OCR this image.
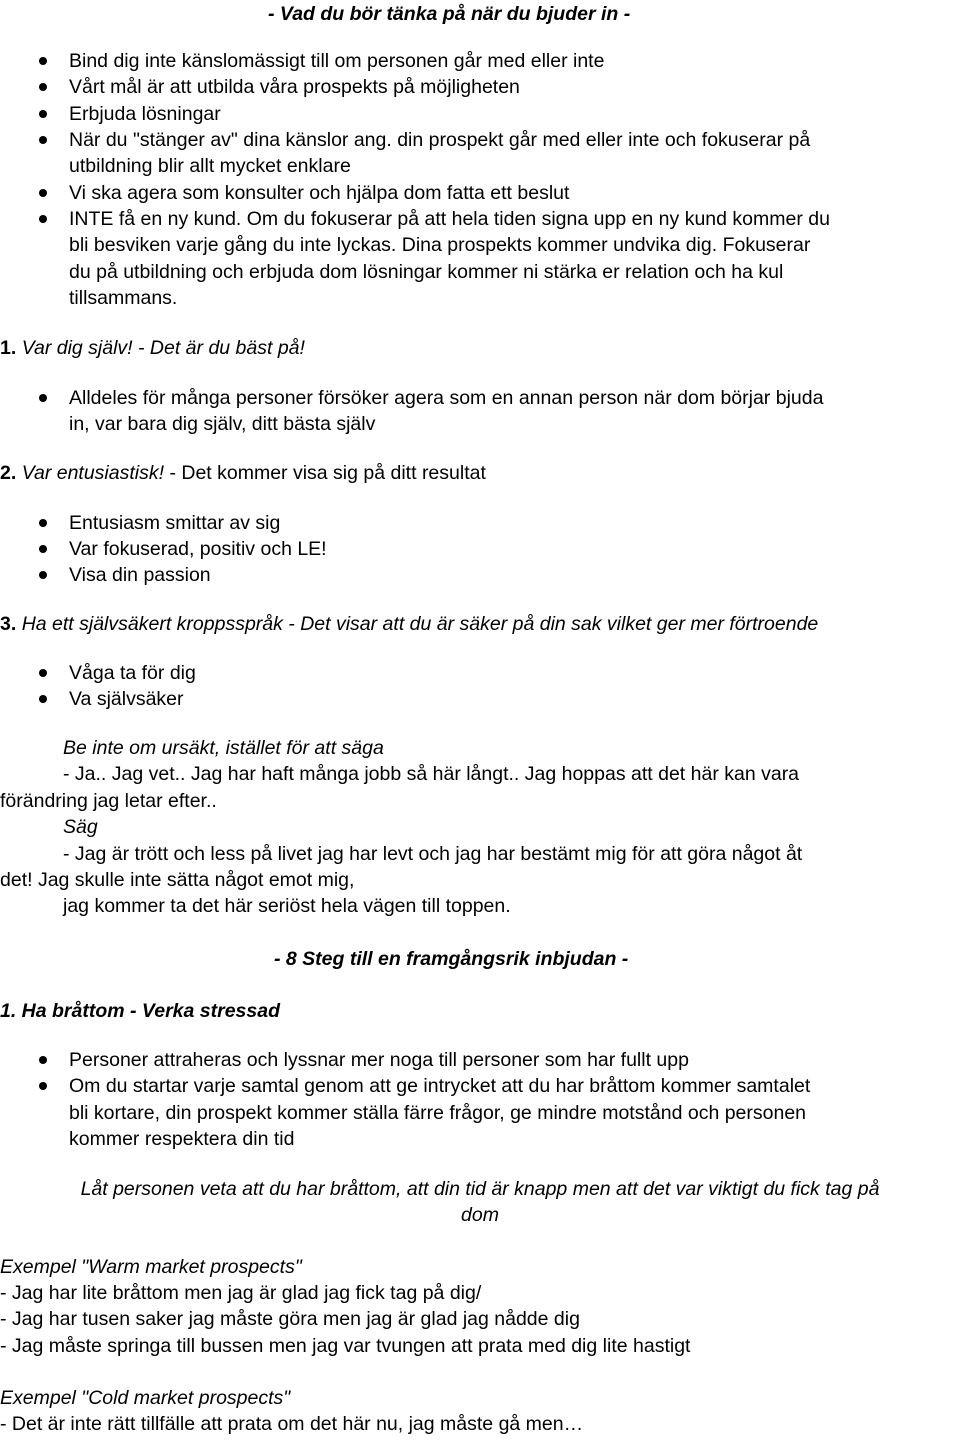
- Vad du bör tänka på när du bjuder in -
Bind dig inte känslomässigt till om personen går med eller inte
Vårt mål är att utbilda våra prospekts på möjligheten
Erbjuda lösningar
När du "stänger av" dina känslor ang. din prospekt går med eller inte och fokuserar på
utbildning blir allt mycket enklare
Vi ska agera som konsulter och hjälpa dom fatta ett beslut
INTE få en ny kund. Om du fokuserar på att hela tiden signa upp en ny kund kommer du
bli besviken varje gång du inte lyckas. Dina prospekts kommer undvika dig. Fokuserar
du på utbildning och erbjuda dom lösningar kommer ni stärka er relation och ha kul
tillsammans.
1. Var dig själv! - Det är du bäst på!
Alldeles för många personer försöker agera som en annan person när dom börjar bjuda
in, var bara dig själv, ditt bästa själv
2. Var entusiastisk! - Det kommer visa sig på ditt resultat
Entusiasm smittar av sig
Var fokuserad, positiv och LE!
Visa din passion
3. Ha ett självsäkert kroppsspråk - Det visar att du är säker på din sak vilket ger mer förtroende
Våga ta för dig
Va självsäker
Be inte om ursäkt, istället för att säga
- Ja.. Jag vet.. Jag har haft många jobb så här långt.. Jag hoppas att det här kan vara
förändring jag letar efter..
Säg
- Jag är trött och less på livet jag har levt och jag har bestämt mig för att göra något åt
det! Jag skulle inte sätta något emot mig,
jag kommer ta det här seriöst hela vägen till toppen.
- 8 Steg till en framgångsrik inbjudan -
1. Ha bråttom - Verka stressad
Personer attraheras och lyssnar mer noga till personer som har fullt upp
Om du startar varje samtal genom att ge intrycket att du har bråttom kommer samtalet
bli kortare, din prospekt kommer ställa färre frågor, ge mindre motstånd och personen
kommer respektera din tid
Låt personen veta att du har bråttom, att din tid är knapp men att det var viktigt du fick tag på
dom
Exempel "Warm market prospects"
- Jag har lite bråttom men jag är glad jag fick tag på dig/
- Jag har tusen saker jag måste göra men jag är glad jag nådde dig
- Jag måste springa till bussen men jag var tvungen att prata med dig lite hastigt
Exempel "Cold market prospects"
- Det är inte rätt tillfälle att prata om det här nu, jag måste gå men…
